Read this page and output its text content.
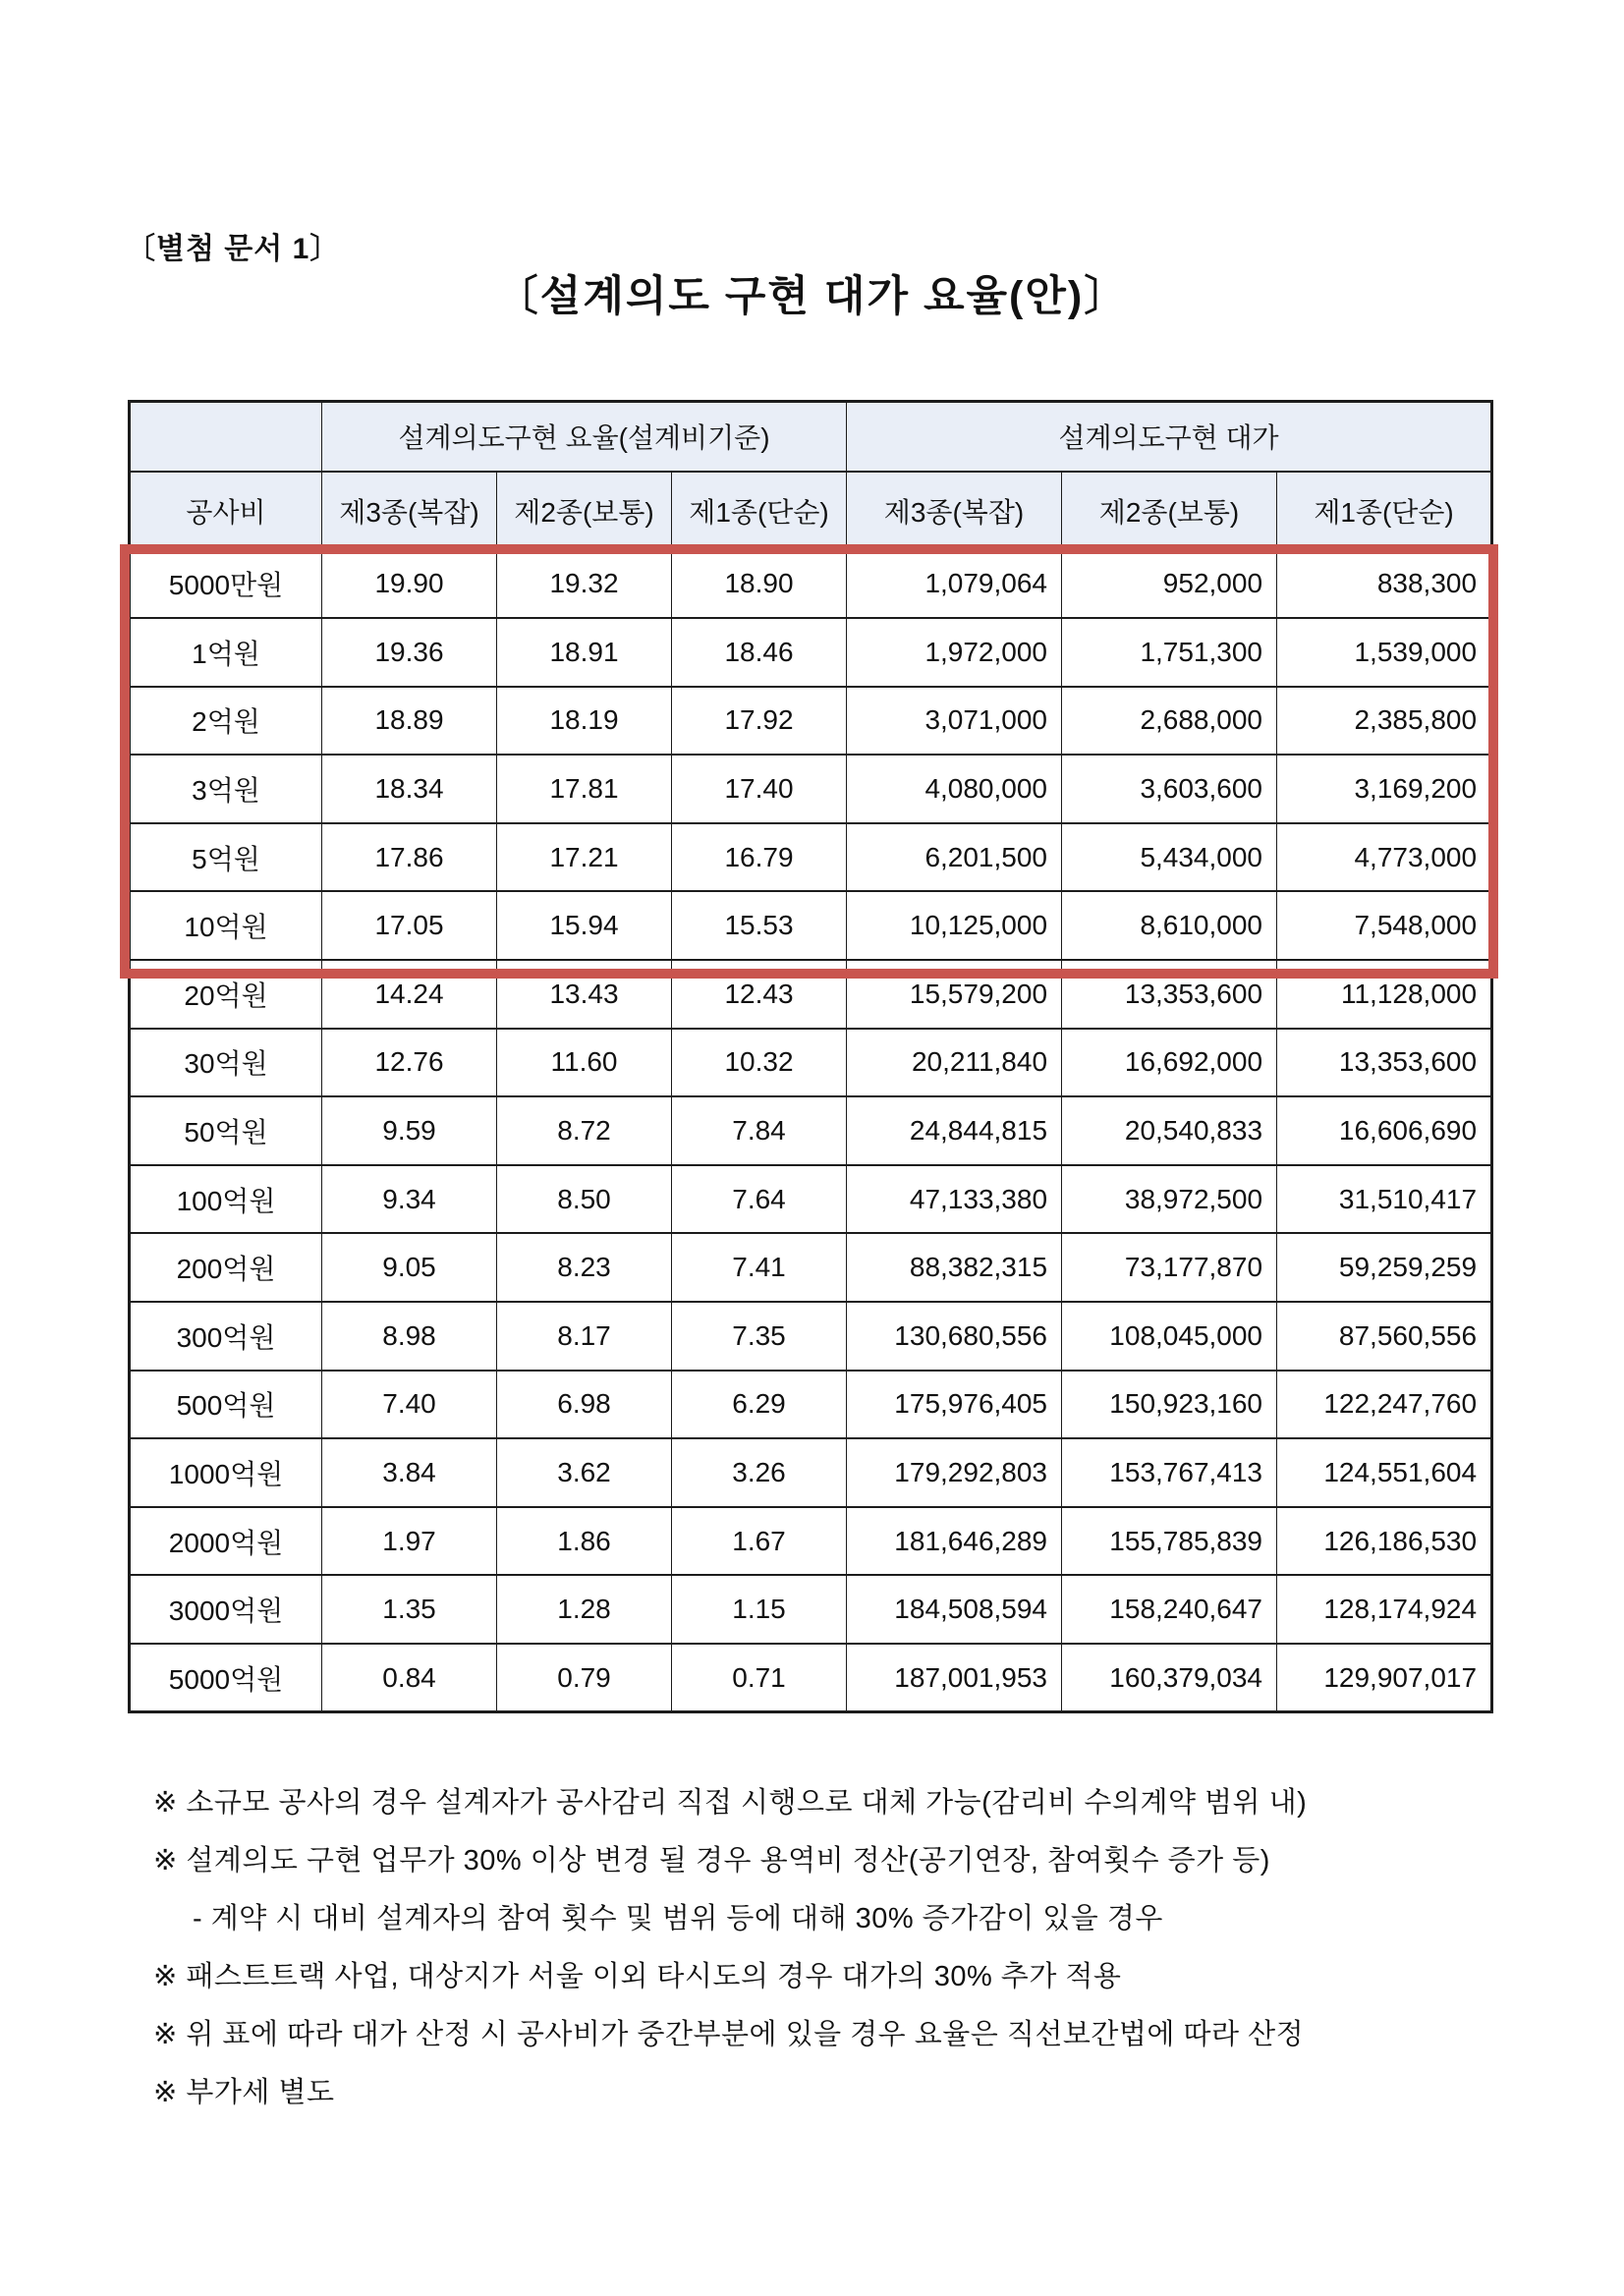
〔별첨 문서 1〕
〔설계의도 구현 대가 요율(안)〕
	설계의도구현 요율(설계비기준)			설계의도구현 대가		
공사비	제3종(복잡)	제2종(보통)	제1종(단순)	제3종(복잡)	제2종(보통)	제1종(단순)
5000만원	19.90	19.32	18.90	1,079,064	952,000	838,300
1억원	19.36	18.91	18.46	1,972,000	1,751,300	1,539,000
2억원	18.89	18.19	17.92	3,071,000	2,688,000	2,385,800
3억원	18.34	17.81	17.40	4,080,000	3,603,600	3,169,200
5억원	17.86	17.21	16.79	6,201,500	5,434,000	4,773,000
10억원	17.05	15.94	15.53	10,125,000	8,610,000	7,548,000
20억원	14.24	13.43	12.43	15,579,200	13,353,600	11,128,000
30억원	12.76	11.60	10.32	20,211,840	16,692,000	13,353,600
50억원	9.59	8.72	7.84	24,844,815	20,540,833	16,606,690
100억원	9.34	8.50	7.64	47,133,380	38,972,500	31,510,417
200억원	9.05	8.23	7.41	88,382,315	73,177,870	59,259,259
300억원	8.98	8.17	7.35	130,680,556	108,045,000	87,560,556
500억원	7.40	6.98	6.29	175,976,405	150,923,160	122,247,760
1000억원	3.84	3.62	3.26	179,292,803	153,767,413	124,551,604
2000억원	1.97	1.86	1.67	181,646,289	155,785,839	126,186,530
3000억원	1.35	1.28	1.15	184,508,594	158,240,647	128,174,924
5000억원	0.84	0.79	0.71	187,001,953	160,379,034	129,907,017
※ 소규모 공사의 경우 설계자가 공사감리 직접 시행으로 대체 가능(감리비 수의계약 범위 내)
※ 설계의도 구현 업무가 30% 이상 변경 될 경우 용역비 정산(공기연장, 참여횟수 증가 등)
- 계약 시 대비 설계자의 참여 횟수 및 범위 등에 대해 30% 증가감이 있을 경우
※ 패스트트랙 사업, 대상지가 서울 이외 타시도의 경우 대가의 30% 추가 적용
※ 위 표에 따라 대가 산정 시 공사비가 중간부분에 있을 경우 요율은 직선보간법에 따라 산정
※ 부가세 별도
